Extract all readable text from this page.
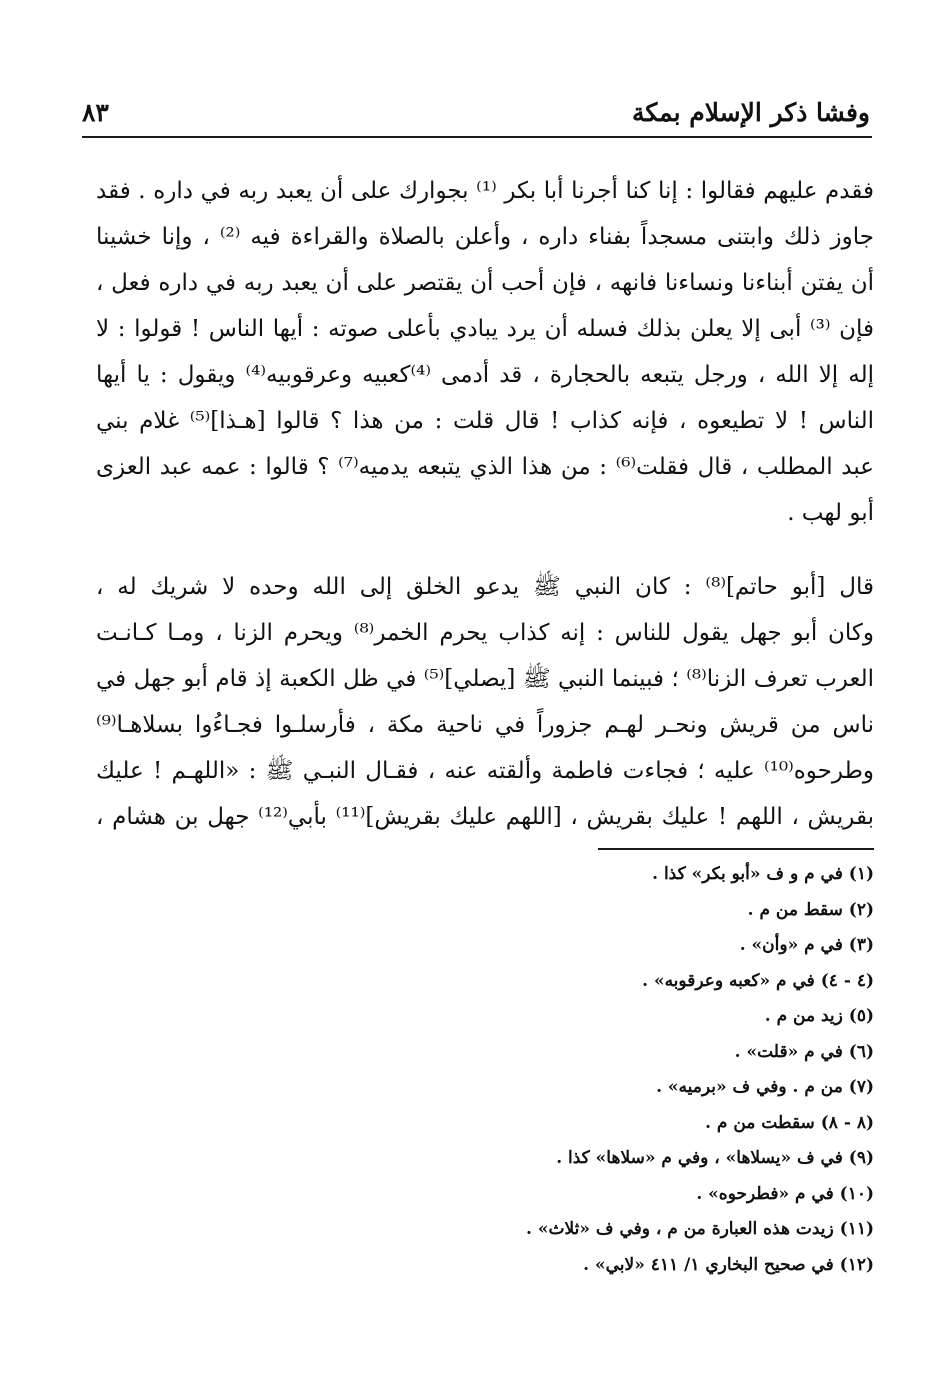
وفشا ذكر الإسلام بمكة
٨٣
فقدم عليهم فقالوا : إنا كنا أجرنا أبا بكر ⁽¹⁾ بجوارك على أن يعبد ربه في داره . فقد
جاوز ذلك وابتنى مسجداً بفناء داره ، وأعلن بالصلاة والقراءة فيه ⁽²⁾ ، وإنا خشينا
أن يفتن أبناءنا ونساءنا فانهه ، فإن أحب أن يقتصر على أن يعبد ربه في داره فعل ،
فإن ⁽³⁾ أبى إلا يعلن بذلك فسله أن يرد يبادي بأعلى صوته : أيها الناس ! قولوا : لا
إله إلا الله ، ورجل يتبعه بالحجارة ، قد أدمى ⁽⁴⁾كعبيه وعرقوبيه⁽⁴⁾ ويقول : يا أيها
الناس ! لا تطيعوه ، فإنه كذاب ! قال قلت : من هذا ؟ قالوا [هـذا]⁽⁵⁾ غلام بني
عبد المطلب ، قال فقلت⁽⁶⁾ : من هذا الذي يتبعه يدميه⁽⁷⁾ ؟ قالوا : عمه عبد العزى
أبو لهب .
قال [أبو حاتم]⁽⁸⁾ : كان النبي ﷺ يدعو الخلق إلى الله وحده لا شريك له ،
وكان أبو جهل يقول للناس : إنه كذاب يحرم الخمر⁽⁸⁾ ويحرم الزنا ، ومـا كـانـت
العرب تعرف الزنا⁽⁸⁾ ؛ فبينما النبي ﷺ [يصلي]⁽⁵⁾ في ظل الكعبة إذ قام أبو جهل في
ناس من قريش ونحـر لهـم جزوراً في ناحية مكة ، فأرسلـوا فجـاءُوا بسلاهـا⁽⁹⁾
وطرحوه⁽¹⁰⁾ عليه ؛ فجاءت فاطمة وألقته عنه ، فقـال النبـي ﷺ : «اللهـم ! عليك
بقريش ، اللهم ! عليك بقريش ، [اللهم عليك بقريش]⁽¹¹⁾ بأبي⁽¹²⁾ جهل بن هشام ،
(١) في م و ف «أبو بكر» كذا .
(٢) سقط من م .
(٣) في م «وأن» .
(٤ - ٤) في م «كعبه وعرقوبه» .
(٥) زيد من م .
(٦) في م «قلت» .
(٧) من م . وفي ف «برميه» .
(٨ - ٨) سقطت من م .
(٩) في ف «يسلاها» ، وفي م «سلاها» كذا .
(١٠) في م «فطرحوه» .
(١١) زيدت هذه العبارة من م ، وفي ف «ثلاث» .
(١٢) في صحيح البخاري ١/ ٤١١ «لابي» .
